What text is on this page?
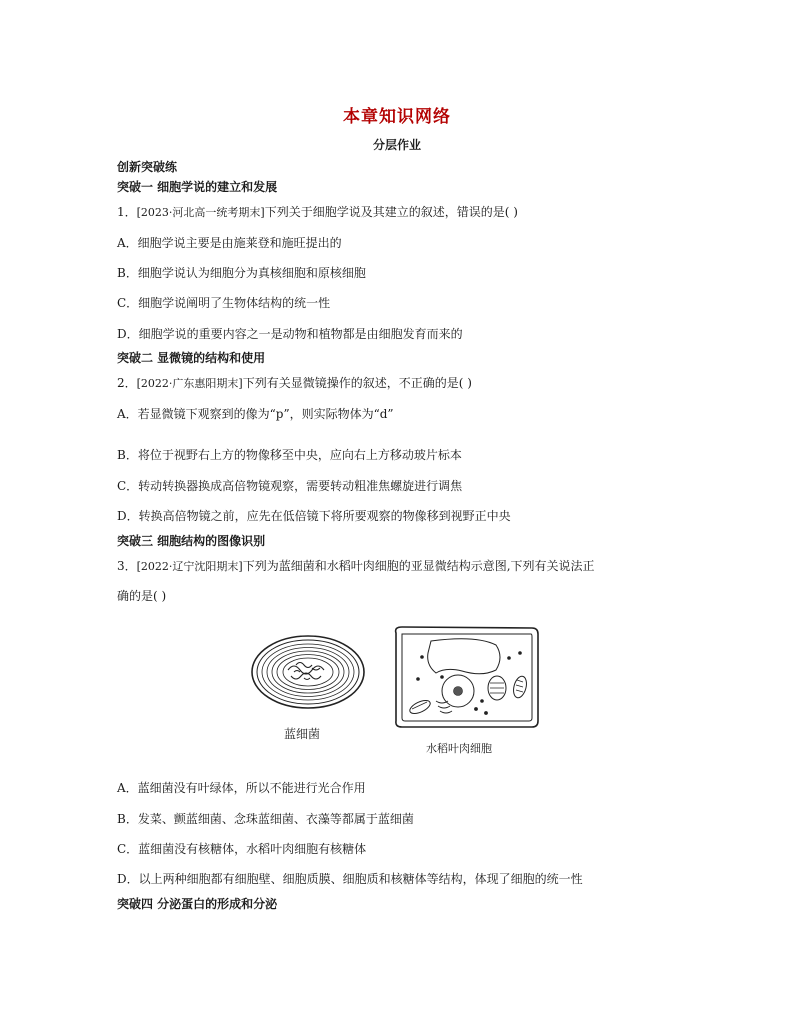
本章知识网络
分层作业
创新突破练
突破一 细胞学说的建立和发展
1．[2023·河北高一统考期末]下列关于细胞学说及其建立的叙述，错误的是( )
A．细胞学说主要是由施莱登和施旺提出的
B．细胞学说认为细胞分为真核细胞和原核细胞
C．细胞学说阐明了生物体结构的统一性
D．细胞学说的重要内容之一是动物和植物都是由细胞发育而来的
突破二 显微镜的结构和使用
2．[2022·广东惠阳期末]下列有关显微镜操作的叙述，不正确的是( )
A．若显微镜下观察到的像为“p”，则实际物体为“d”
B．将位于视野右上方的物像移至中央，应向右上方移动玻片标本
C．转动转换器换成高倍物镜观察，需要转动粗准焦螺旋进行调焦
D．转换高倍物镜之前，应先在低倍镜下将所要观察的物像移到视野正中央
突破三 细胞结构的图像识别
3．[2022·辽宁沈阳期末]下列为蓝细菌和水稻叶肉细胞的亚显微结构示意图,下列有关说法正
确的是( )
蓝细菌
水稻叶肉细胞
A．蓝细菌没有叶绿体，所以不能进行光合作用
B．发菜、颤蓝细菌、念珠蓝细菌、衣藻等都属于蓝细菌
C．蓝细菌没有核糖体，水稻叶肉细胞有核糖体
D．以上两种细胞都有细胞壁、细胞质膜、细胞质和核糖体等结构，体现了细胞的统一性
突破四 分泌蛋白的形成和分泌
